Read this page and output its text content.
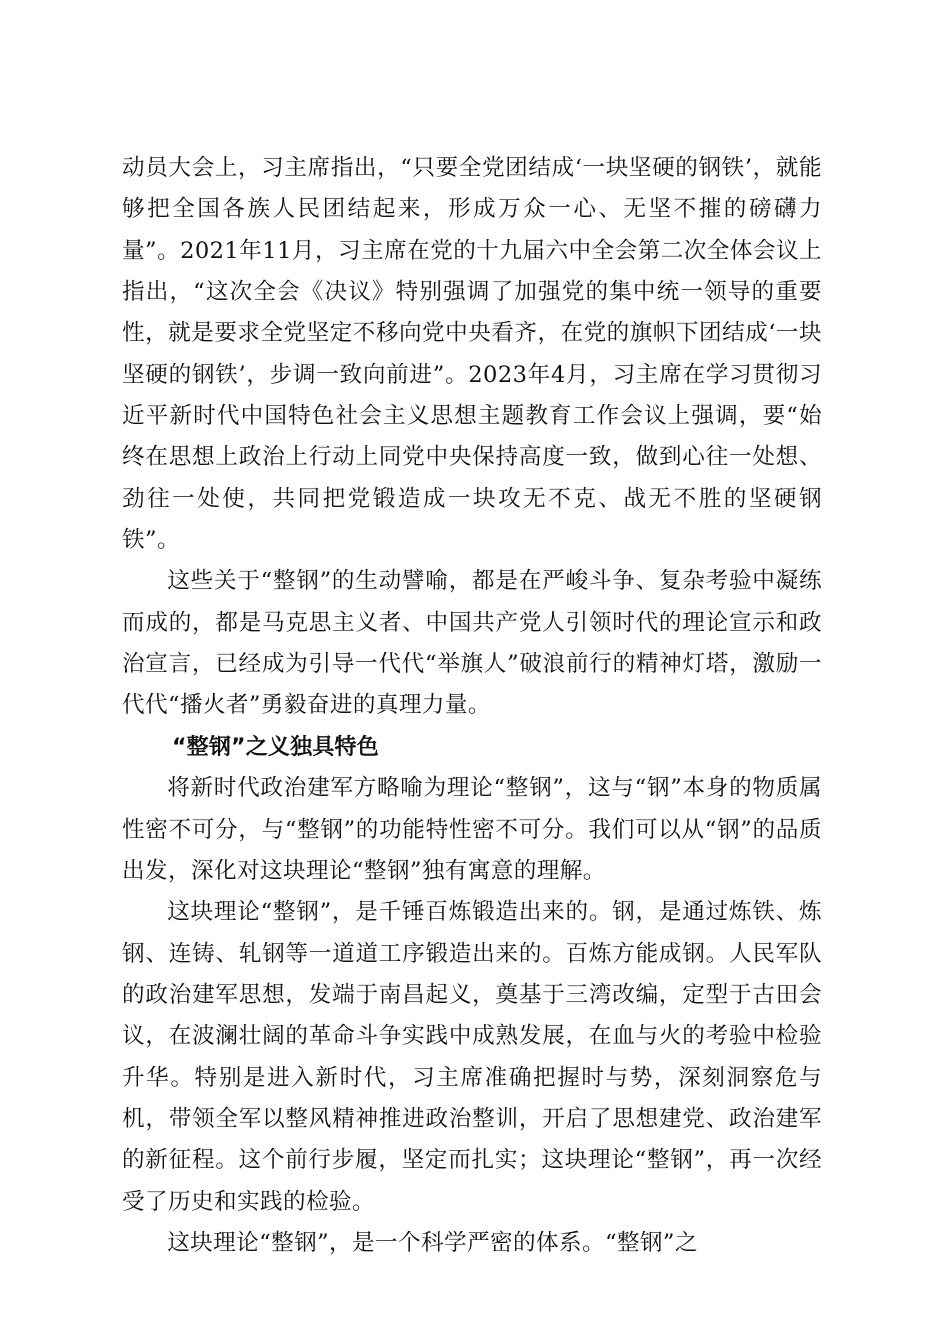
动员大会上，习主席指出，“只要全党团结成‘一块坚硬的钢铁’，就能够把全国各族人民团结起来，形成万众一心、无坚不摧的磅礴力量”。2021年11月，习主席在党的十九届六中全会第二次全体会议上指出，“这次全会《决议》特别强调了加强党的集中统一领导的重要性，就是要求全党坚定不移向党中央看齐，在党的旗帜下团结成‘一块坚硬的钢铁’，步调一致向前进”。2023年4月，习主席在学习贯彻习近平新时代中国特色社会主义思想主题教育工作会议上强调，要“始终在思想上政治上行动上同党中央保持高度一致，做到心往一处想、劲往一处使，共同把党锻造成一块攻无不克、战无不胜的坚硬钢铁”。

这些关于“整钢”的生动譬喻，都是在严峻斗争、复杂考验中凝练而成的，都是马克思主义者、中国共产党人引领时代的理论宣示和政治宣言，已经成为引导一代代“举旗人”破浪前行的精神灯塔，激励一代代“播火者”勇毅奋进的真理力量。

“整钢”之义独具特色

将新时代政治建军方略喻为理论“整钢”，这与“钢”本身的物质属性密不可分，与“整钢”的功能特性密不可分。我们可以从“钢”的品质出发，深化对这块理论“整钢”独有寓意的理解。

这块理论“整钢”，是千锤百炼锻造出来的。钢，是通过炼铁、炼钢、连铸、轧钢等一道道工序锻造出来的。百炼方能成钢。人民军队的政治建军思想，发端于南昌起义，奠基于三湾改编，定型于古田会议，在波澜壮阔的革命斗争实践中成熟发展，在血与火的考验中检验升华。特别是进入新时代，习主席准确把握时与势，深刻洞察危与机，带领全军以整风精神推进政治整训，开启了思想建党、政治建军的新征程。这个前行步履，坚定而扎实；这块理论“整钢”，再一次经受了历史和实践的检验。

这块理论“整钢”，是一个科学严密的体系。“整钢”之
